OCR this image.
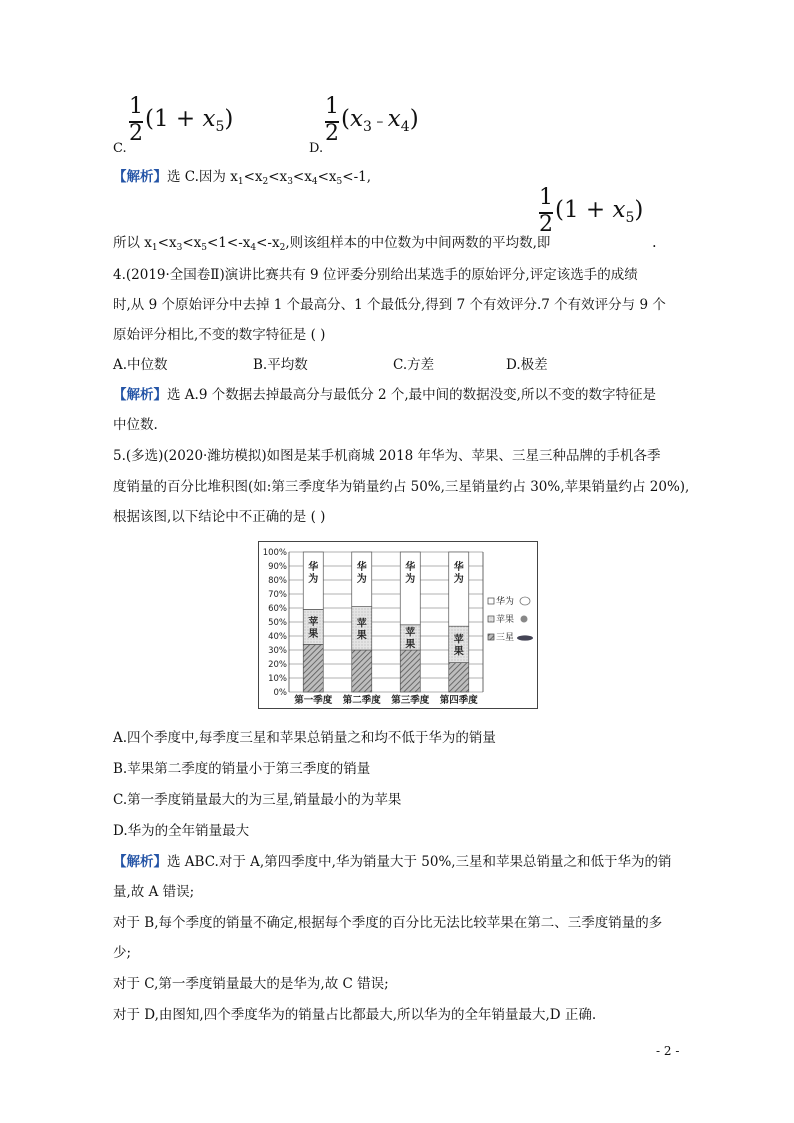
1
2
$(1 + x_5)$
C.
1
2
$(x_3 - x_4)$
D.
【解析】选 C.因为 $x_1<x_2<x_3<x_4<x_5<-1$,
1
2
$(1 + x_5)$
所以 $x_1<x_3<x_5<1<-x_4<-x_2$,则该组样本的中位数为中间两数的平均数,即	.
4.(2019·全国卷Ⅱ)演讲比赛共有 9 位评委分别给出某选手的原始评分,评定该选手的成绩
时,从 9 个原始评分中去掉 1 个最高分、1 个最低分,得到 7 个有效评分.7 个有效评分与 9 个
原始评分相比,不变的数字特征是 ( )
A.中位数	B.平均数	C.方差	D.极差
【解析】选 A.9 个数据去掉最高分与最低分 2 个,最中间的数据没变,所以不变的数字特征是
中位数.
5.(多选)(2020·潍坊模拟)如图是某手机商城 2018 年华为、苹果、三星三种品牌的手机各季
度销量的百分比堆积图(如:第三季度华为销量约占 50%,三星销量约占 30%,苹果销量约占 20%),
根据该图,以下结论中不正确的是 ( )
苹
果
华
为
苹
果
华
为
苹
果
华
为
苹
果
华
为
0%
10%
20%
30%
40%
50%
60%
70%
80%
90%
100%
第一季度 第二季度 第三季度 第四季度
华为
苹果
三星
A.四个季度中,每季度三星和苹果总销量之和均不低于华为的销量
B.苹果第二季度的销量小于第三季度的销量
C.第一季度销量最大的为三星,销量最小的为苹果
D.华为的全年销量最大
【解析】选 ABC.对于 A,第四季度中,华为销量大于 50%,三星和苹果总销量之和低于华为的销
量,故 A 错误;
对于 B,每个季度的销量不确定,根据每个季度的百分比无法比较苹果在第二、三季度销量的多
少;
对于 C,第一季度销量最大的是华为,故 C 错误;
对于 D,由图知,四个季度华为的销量占比都最大,所以华为的全年销量最大,D 正确.
- 2 -
